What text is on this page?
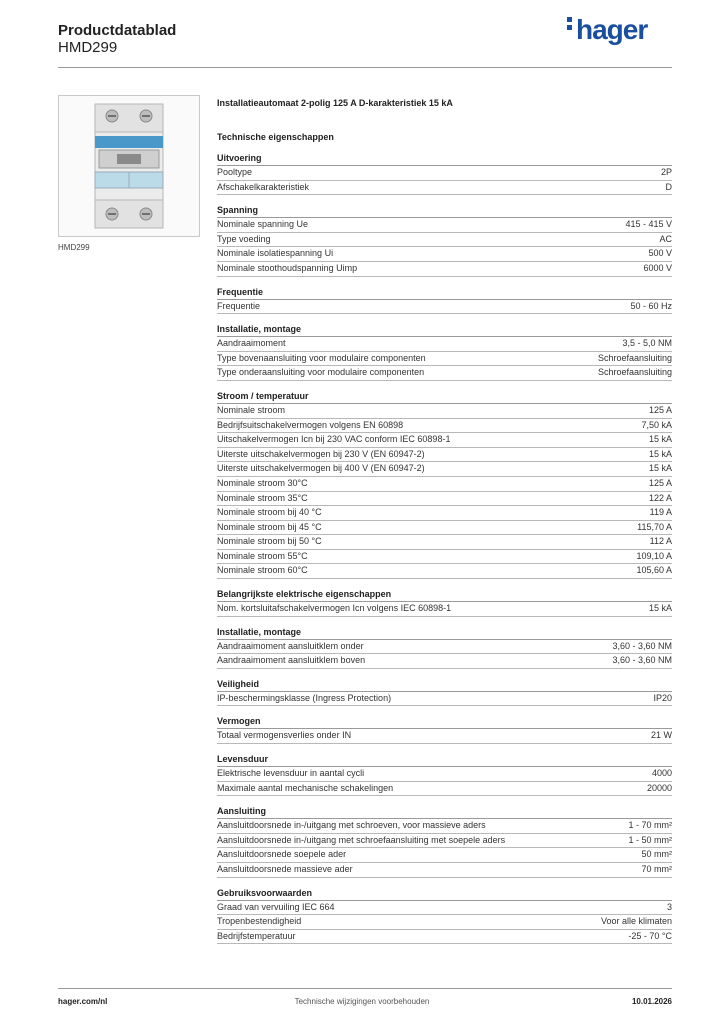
Productdatablad
HMD299
hager
HMD299
Installatieautomaat 2-polig 125 A D-karakteristiek 15 kA
Technische eigenschappen
Uitvoering
Pooltype	2P
Afschakelkarakteristiek	D
Spanning
Nominale spanning Ue	415 - 415 V
Type voeding	AC
Nominale isolatiespanning Ui	500 V
Nominale stoothoudspanning Uimp	6000 V
Frequentie
Frequentie	50 - 60 Hz
Installatie, montage
Aandraaimoment	3,5 - 5,0 NM
Type bovenaansluiting voor modulaire componenten	Schroefaansluiting
Type onderaansluiting voor modulaire componenten	Schroefaansluiting
Stroom / temperatuur
Nominale stroom	125 A
Bedrijfsuitschakelvermogen volgens EN 60898	7,50 kA
Uitschakelvermogen Icn bij 230 VAC conform IEC 60898-1	15 kA
Uiterste uitschakelvermogen bij 230 V (EN 60947-2)	15 kA
Uiterste uitschakelvermogen bij 400 V (EN 60947-2)	15 kA
Nominale stroom 30°C	125 A
Nominale stroom 35°C	122 A
Nominale stroom bij 40 °C	119 A
Nominale stroom bij 45 °C	115,70 A
Nominale stroom bij 50 °C	112 A
Nominale stroom 55°C	109,10 A
Nominale stroom 60°C	105,60 A
Belangrijkste elektrische eigenschappen
Nom. kortsluitafschakelvermogen Icn volgens IEC 60898-1	15 kA
Installatie, montage
Aandraaimoment aansluitklem onder	3,60 - 3,60 NM
Aandraaimoment aansluitklem boven	3,60 - 3,60 NM
Veiligheid
IP-beschermingsklasse (Ingress Protection)	IP20
Vermogen
Totaal vermogensverlies onder IN	21 W
Levensduur
Elektrische levensduur in aantal cycli	4000
Maximale aantal mechanische schakelingen	20000
Aansluiting
Aansluitdoorsnede in-/uitgang met schroeven, voor massieve aders	1 - 70 mm²
Aansluitdoorsnede in-/uitgang met schroefaansluiting met soepele aders	1 - 50 mm²
Aansluitdoorsnede soepele ader	50 mm²
Aansluitdoorsnede massieve ader	70 mm²
Gebruiksvoorwaarden
Graad van vervuiling IEC 664	3
Tropenbestendigheid	Voor alle klimaten
Bedrijfstemperatuur	-25 - 70 °C
hager.com/nl	Technische wijzigingen voorbehouden	10.01.2026
